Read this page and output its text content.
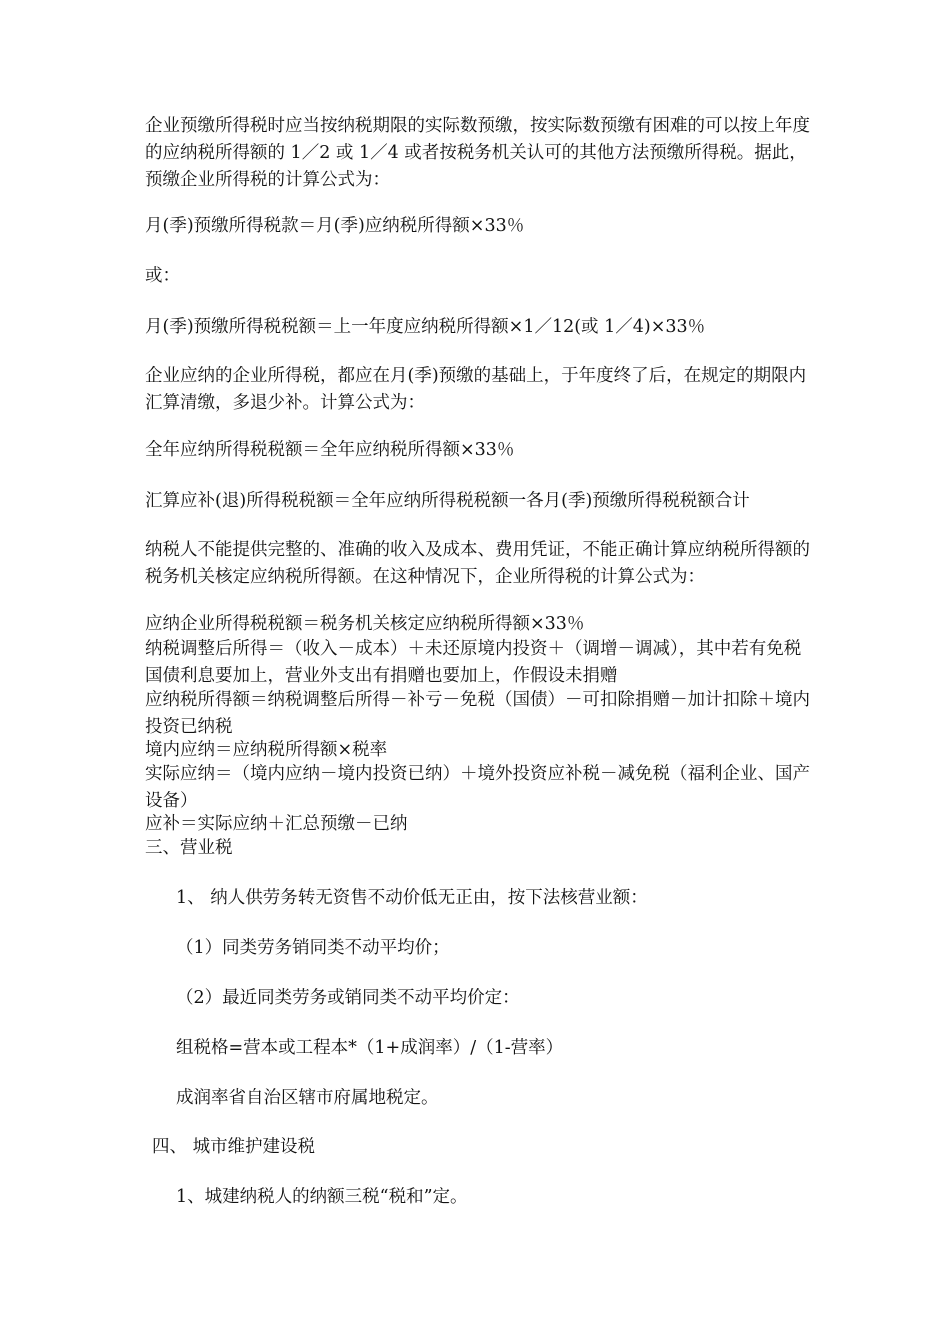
企业预缴所得税时应当按纳税期限的实际数预缴，按实际数预缴有困难的可以按上年度的应纳税所得额的 1／2 或 1／4 或者按税务机关认可的其他方法预缴所得税。据此，预缴企业所得税的计算公式为：

月(季)预缴所得税款＝月(季)应纳税所得额×33％

或：

月(季)预缴所得税税额＝上一年度应纳税所得额×1／12(或 1／4)×33％

企业应纳的企业所得税，都应在月(季)预缴的基础上，于年度终了后，在规定的期限内汇算清缴，多退少补。计算公式为：

全年应纳所得税税额＝全年应纳税所得额×33％

汇算应补(退)所得税税额＝全年应纳所得税税额一各月(季)预缴所得税税额合计

纳税人不能提供完整的、准确的收入及成本、费用凭证，不能正确计算应纳税所得额的税务机关核定应纳税所得额。在这种情况下，企业所得税的计算公式为：

应纳企业所得税税额＝税务机关核定应纳税所得额×33％

纳税调整后所得＝（收入－成本）＋未还原境内投资＋（调增－调减），其中若有免税国债利息要加上，营业外支出有捐赠也要加上，作假设未捐赠

应纳税所得额＝纳税调整后所得－补亏－免税（国债）－可扣除捐赠－加计扣除＋境内投资已纳税

境内应纳＝应纳税所得额×税率

实际应纳＝（境内应纳－境内投资已纳）＋境外投资应补税－减免税（福利企业、国产设备）

应补＝实际应纳＋汇总预缴－已纳

三、营业税

1、 纳人供劳务转无资售不动价低无正由，按下法核营业额：

（1）同类劳务销同类不动平均价；

（2）最近同类劳务或销同类不动平均价定：

组税格=营本或工程本*（1+成润率）/（1-营率）

成润率省自治区辖市府属地税定。

四、 城市维护建设税

1、城建纳税人的纳额三税“税和”定。
